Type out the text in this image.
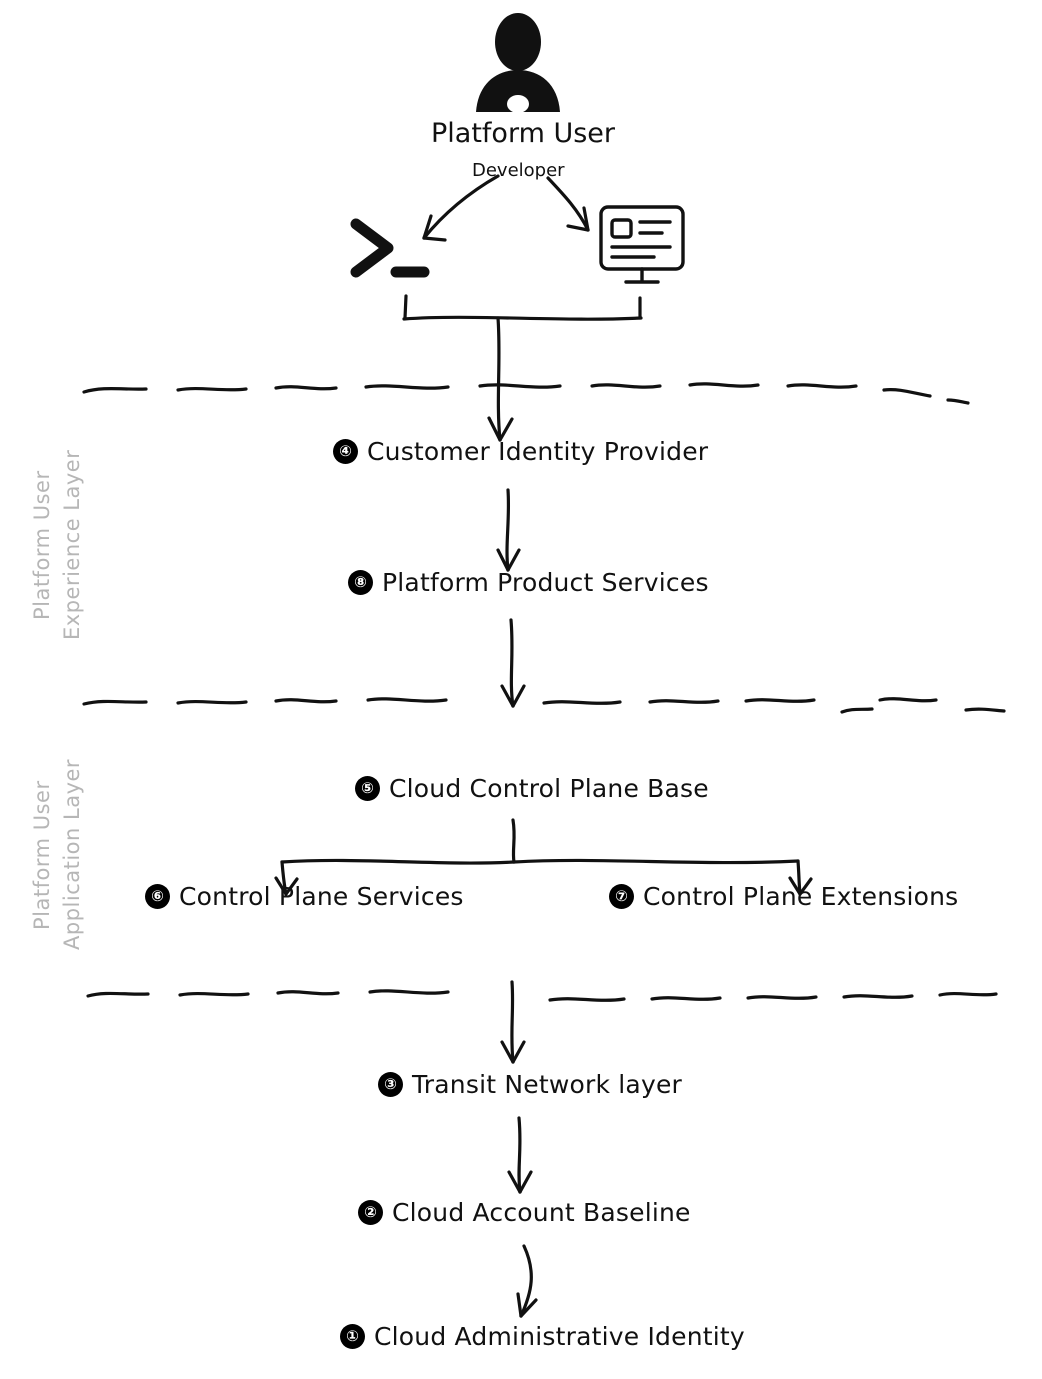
Platform User
Developer
Platform User Experience Layer
Platform User Application Layer
④ Customer Identity Provider
⑧ Platform Product Services
⑤ Cloud Control Plane Base
⑥ Control Plane Services	⑦ Control Plane Extensions
③ Transit Network layer
② Cloud Account Baseline
① Cloud Administrative Identity
